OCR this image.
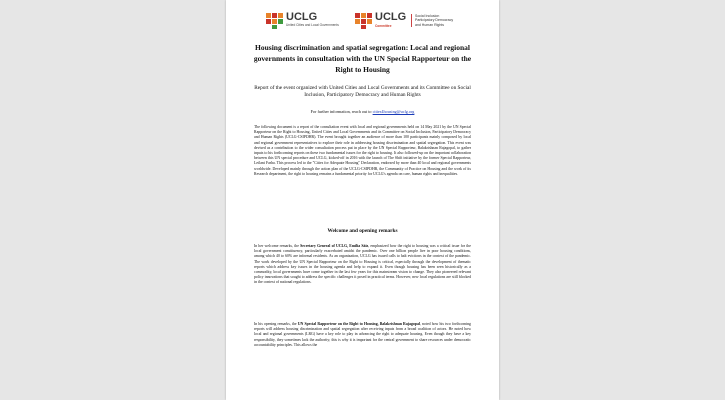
UCLG
United Cities and Local Governments
UCLG
Committee
Social Inclusion
Participatory Democracy
and Human Rights
Housing discrimination and spatial segregation: Local and regional governments in consultation with the UN Special Rapporteur on the Right to Housing
Report of the event organized with United Cities and Local Governments and its Committee on Social Inclusion, Participatory Democracy and Human Rights
For further information, reach out to cities4housing@uclg.org

The following document is a report of the consultation event with local and regional governments held on 14 May 2021 by the UN Special Rapporteur on the Right to Housing, United Cities and Local Governments and its Committee on Social Inclusion, Participatory Democracy and Human Rights (UCLG-CSIPDHR). The event brought together an audience of more than 100 participants mainly composed by local and regional government representatives to explore their role in addressing housing discrimination and spatial segregation. This event was devised as a contribution to the wider consultation process put in place by the UN Special Rapporteur, Balakrishnan Rajagopal, to gather inputs to his forthcoming reports on these two fundamental issues for the right to housing. It also followed-up on the important collaboration between this UN special procedure and UCLG, kicked-off in 2016 with the launch of The Shift initiative by the former Special Rapporteur, Leilani Farha. This process led to the "Cities for Adequate Housing" Declaration, endorsed by more than 40 local and regional governments worldwide. Developed mainly through the action plan of the UCLG-CSIPDHR, the Community of Practice on Housing and the work of its Research department, the right to housing remains a fundamental priority for UCLG's agenda on care, human rights and inequalities.

Welcome and opening remarks

In her welcome remarks, the Secretary General of UCLG, Emilia Sáiz, emphasized how the right to housing was a critical issue for the local government constituency, particularly exacerbated amidst the pandemic. Over one billion people live in poor housing conditions, among which 40 to 60% are informal residents. As an organization, UCLG has issued calls to halt evictions in the context of the pandemic. The work developed by the UN Special Rapporteur on the Right to Housing is critical, especially through the development of thematic reports which address key issues in the housing agenda and help to expand it. Even though housing has been seen historically as a commodity, local governments have come together in the last few years for this mainstream vision to change. They also pioneered relevant policy innovations that sought to address the specific challenges it posed in practical terms. However, new local regulations are still blocked in the context of national regulations.

In his opening remarks, the UN Special Rapporteur on the Right to Housing, Balakrishnan Rajagopal, noted how his two forthcoming reports will address housing discrimination and spatial segregation after receiving inputs from a broad coalition of actors. He noted how local and regional governments (LRG) have a key role to play in advancing the right to adequate housing. Even though they have a key responsibility, they sometimes lack the authority; this is why it is important for the central government to share resources under democratic accountability principles. This allows the
